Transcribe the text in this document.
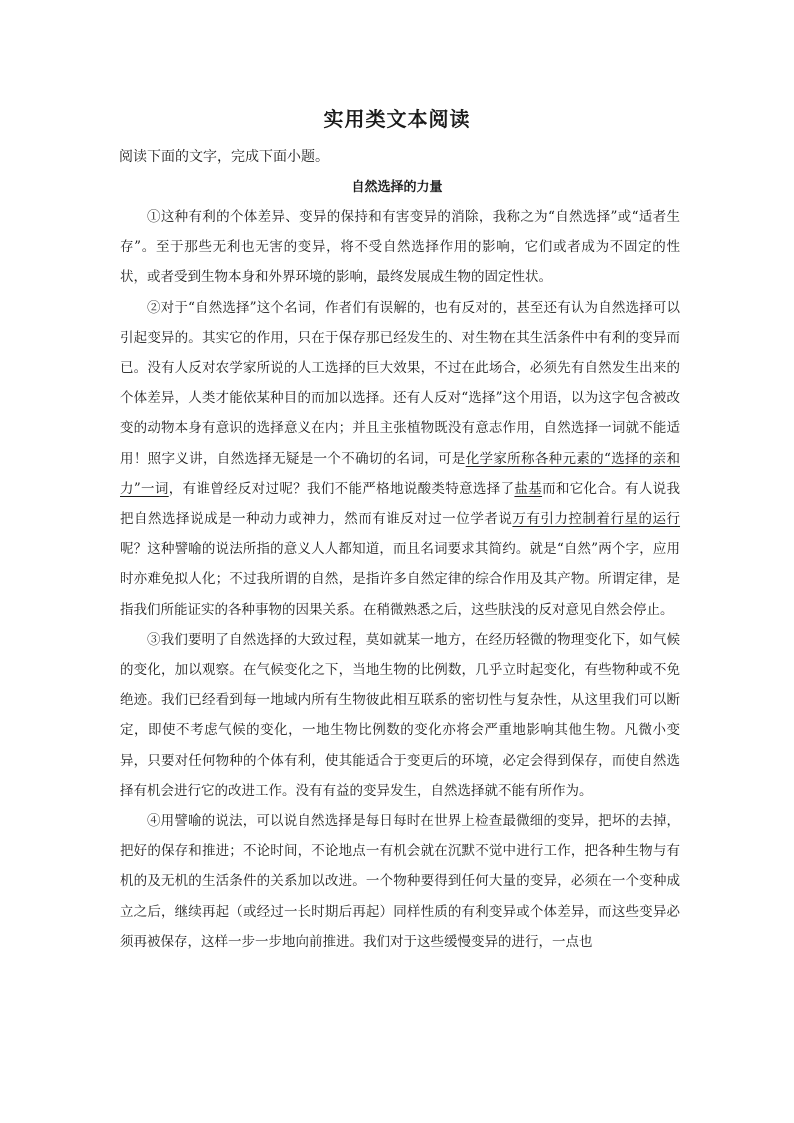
实用类文本阅读
阅读下面的文字，完成下面小题。
自然选择的力量

①这种有利的个体差异、变异的保持和有害变异的消除，我称之为“自然选择”或“适者生存”。至于那些无利也无害的变异，将不受自然选择作用的影响，它们或者成为不固定的性状，或者受到生物本身和外界环境的影响，最终发展成生物的固定性状。

②对于“自然选择”这个名词，作者们有误解的，也有反对的，甚至还有认为自然选择可以引起变异的。其实它的作用，只在于保存那已经发生的、对生物在其生活条件中有利的变异而已。没有人反对农学家所说的人工选择的巨大效果，不过在此场合，必须先有自然发生出来的个体差异，人类才能依某种目的而加以选择。还有人反对“选择”这个用语，以为这字包含被改变的动物本身有意识的选择意义在内；并且主张植物既没有意志作用，自然选择一词就不能适用！照字义讲，自然选择无疑是一个不确切的名词，可是化学家所称各种元素的“选择的亲和力”一词，有谁曾经反对过呢？我们不能严格地说酸类特意选择了盐基而和它化合。有人说我把自然选择说成是一种动力或神力，然而有谁反对过一位学者说万有引力控制着行星的运行呢？这种譬喻的说法所指的意义人人都知道，而且名词要求其简约。就是“自然”两个字，应用时亦难免拟人化；不过我所谓的自然，是指许多自然定律的综合作用及其产物。所谓定律，是指我们所能证实的各种事物的因果关系。在稍微熟悉之后，这些肤浅的反对意见自然会停止。

③我们要明了自然选择的大致过程，莫如就某一地方，在经历轻微的物理变化下，如气候的变化，加以观察。在气候变化之下，当地生物的比例数，几乎立时起变化，有些物种或不免绝迹。我们已经看到每一地域内所有生物彼此相互联系的密切性与复杂性，从这里我们可以断定，即使不考虑气候的变化，一地生物比例数的变化亦将会严重地影响其他生物。凡微小变异，只要对任何物种的个体有利，使其能适合于变更后的环境，必定会得到保存，而使自然选择有机会进行它的改进工作。没有有益的变异发生，自然选择就不能有所作为。

④用譬喻的说法，可以说自然选择是每日每时在世界上检查最微细的变异，把坏的去掉，把好的保存和推进；不论时间，不论地点一有机会就在沉默不觉中进行工作，把各种生物与有机的及无机的生活条件的关系加以改进。一个物种要得到任何大量的变异，必须在一个变种成立之后，继续再起（或经过一长时期后再起）同样性质的有利变异或个体差异，而这些变异必须再被保存，这样一步一步地向前推进。我们对于这些缓慢变异的进行，一点也
